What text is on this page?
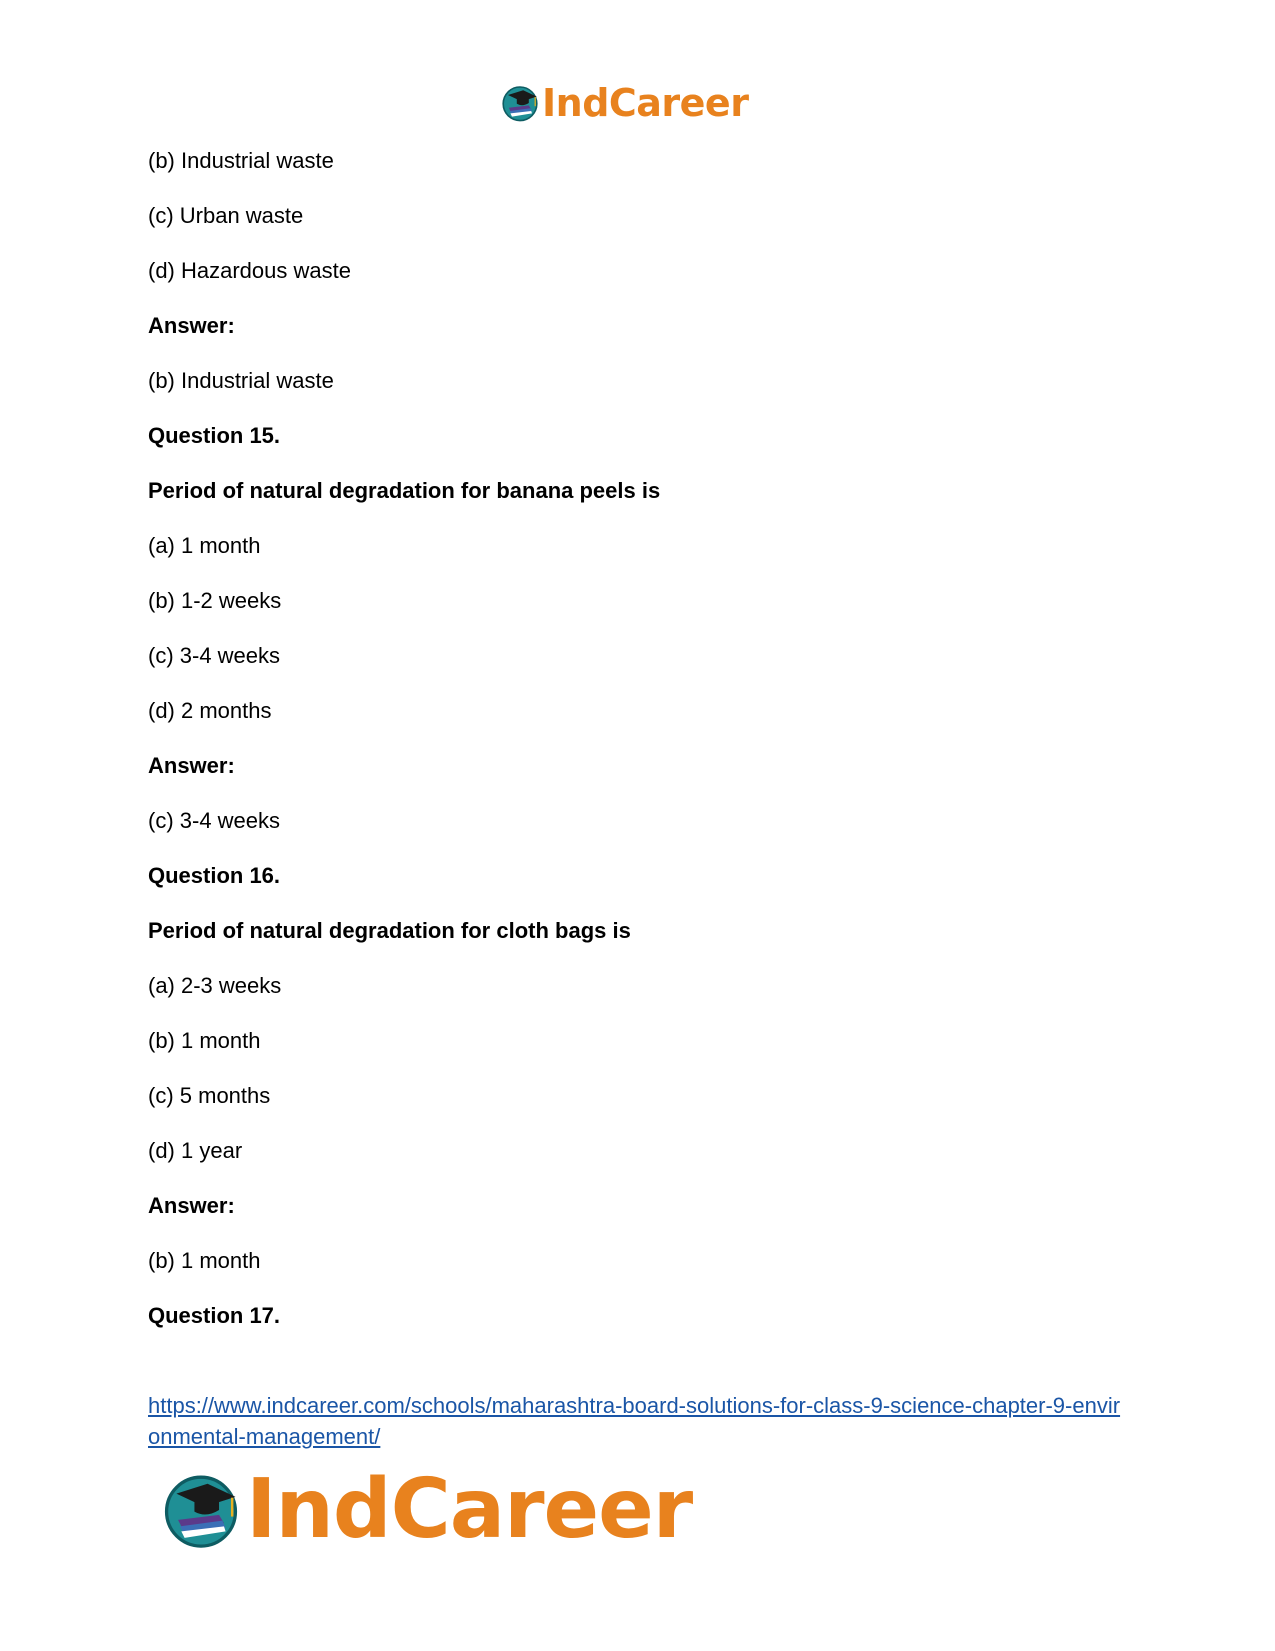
IndCareer
(b) Industrial waste
(c) Urban waste
(d) Hazardous waste
Answer:
(b) Industrial waste
Question 15.
Period of natural degradation for banana peels is
(a) 1 month
(b) 1-2 weeks
(c) 3-4 weeks
(d) 2 months
Answer:
(c) 3-4 weeks
Question 16.
Period of natural degradation for cloth bags is
(a) 2-3 weeks
(b) 1 month
(c) 5 months
(d) 1 year
Answer:
(b) 1 month
Question 17.
https://www.indcareer.com/schools/maharashtra-board-solutions-for-class-9-science-chapter-9-environmental-management/
IndCareer
